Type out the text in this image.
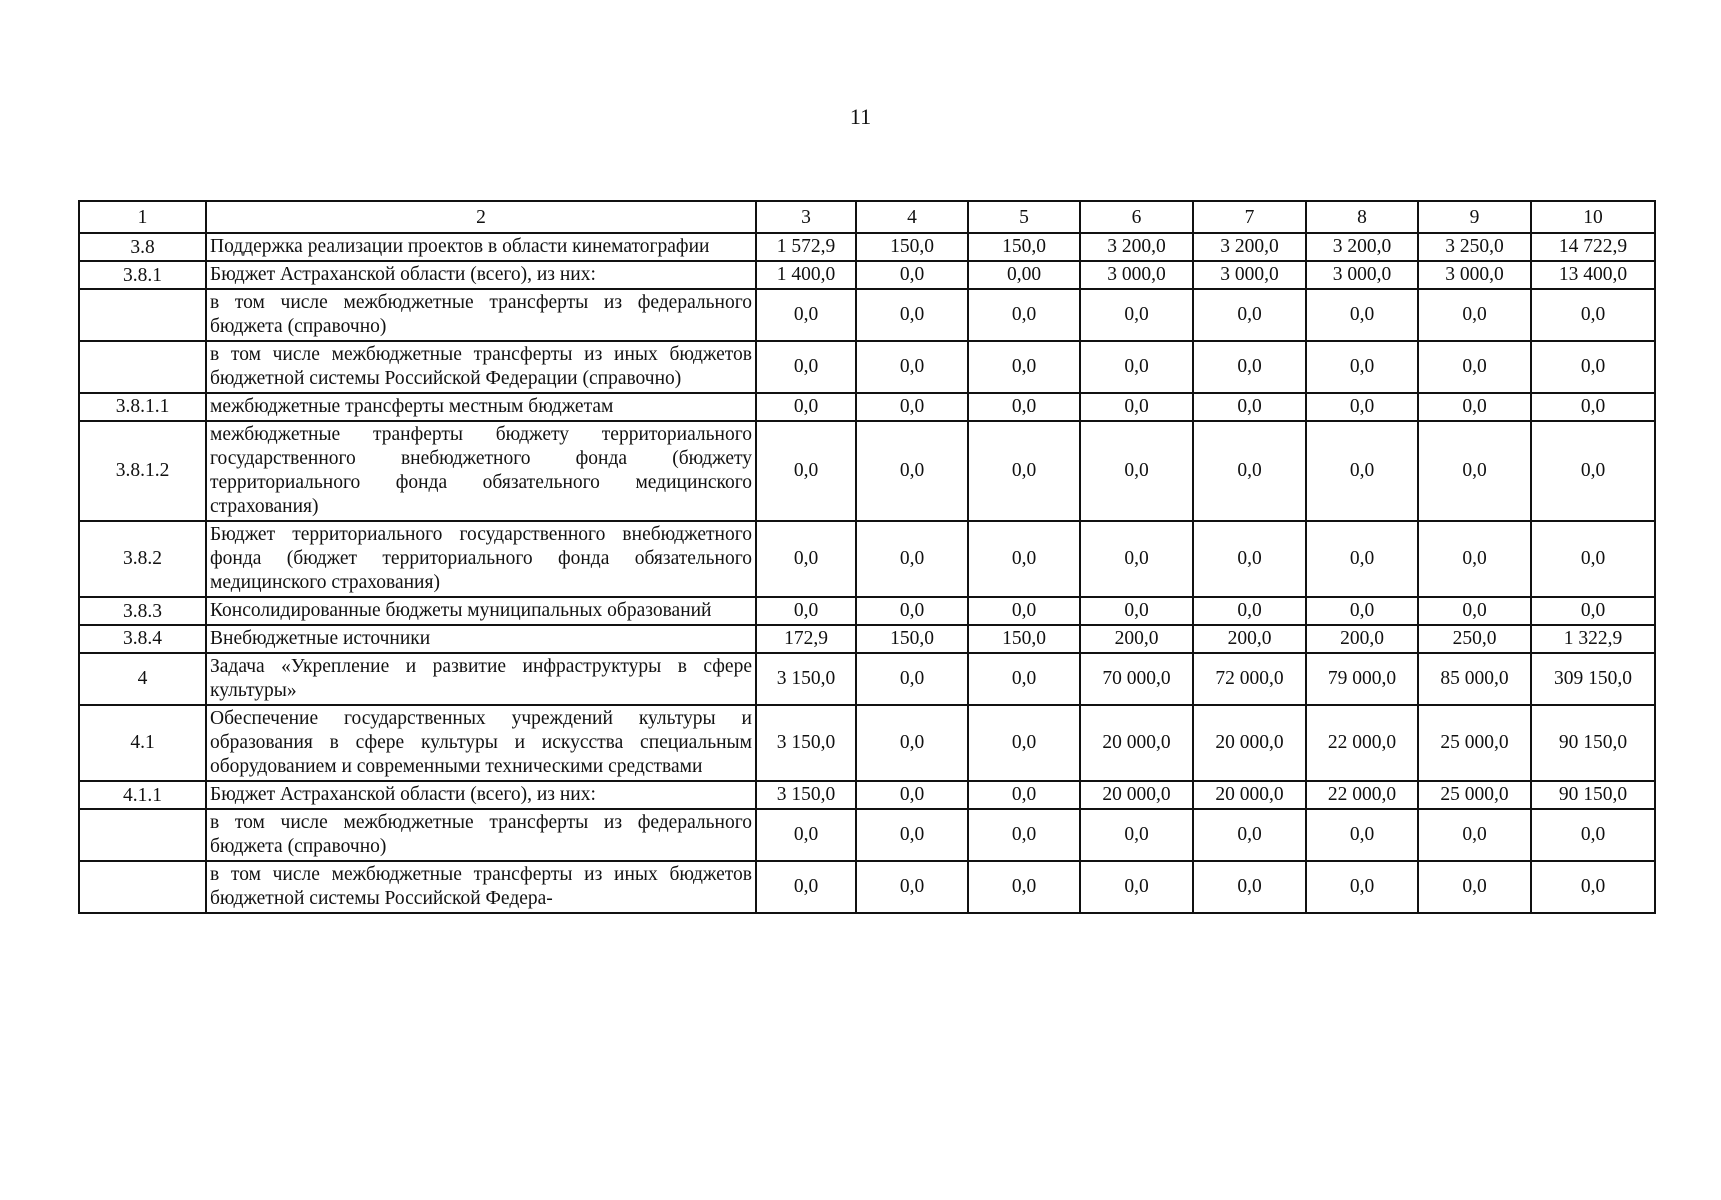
11
1	2	3	4	5	6	7	8	9	10
3.8	Поддержка реализации проектов в области кинематографии	1 572,9	150,0	150,0	3 200,0	3 200,0	3 200,0	3 250,0	14 722,9
3.8.1	Бюджет Астраханской области (всего), из них:	1 400,0	0,0	0,00	3 000,0	3 000,0	3 000,0	3 000,0	13 400,0
	в том числе межбюджетные трансферты из федерального бюджета (справочно)	0,0	0,0	0,0	0,0	0,0	0,0	0,0	0,0
	в том числе межбюджетные трансферты из иных бюджетов бюджетной системы Российской Федерации (справочно)	0,0	0,0	0,0	0,0	0,0	0,0	0,0	0,0
3.8.1.1	межбюджетные трансферты местным бюджетам	0,0	0,0	0,0	0,0	0,0	0,0	0,0	0,0
3.8.1.2	межбюджетные транферты бюджету территориального государственного внебюджетного фонда (бюджету территориального фонда обязательного медицинского страхования)	0,0	0,0	0,0	0,0	0,0	0,0	0,0	0,0
3.8.2	Бюджет территориального государственного внебюджетного фонда (бюджет территориального фонда обязательного медицинского страхования)	0,0	0,0	0,0	0,0	0,0	0,0	0,0	0,0
3.8.3	Консолидированные бюджеты муниципальных образований	0,0	0,0	0,0	0,0	0,0	0,0	0,0	0,0
3.8.4	Внебюджетные источники	172,9	150,0	150,0	200,0	200,0	200,0	250,0	1 322,9
4	Задача «Укрепление и развитие инфраструктуры в сфере культуры»	3 150,0	0,0	0,0	70 000,0	72 000,0	79 000,0	85 000,0	309 150,0
4.1	Обеспечение государственных учреждений культуры и образования в сфере культуры и искусства специальным оборудованием и современными техническими средствами	3 150,0	0,0	0,0	20 000,0	20 000,0	22 000,0	25 000,0	90 150,0
4.1.1	Бюджет Астраханской области (всего), из них:	3 150,0	0,0	0,0	20 000,0	20 000,0	22 000,0	25 000,0	90 150,0
	в том числе межбюджетные трансферты из федерального бюджета (справочно)	0,0	0,0	0,0	0,0	0,0	0,0	0,0	0,0
	в том числе межбюджетные трансферты из иных бюджетов бюджетной системы Российской Федера-	0,0	0,0	0,0	0,0	0,0	0,0	0,0	0,0
